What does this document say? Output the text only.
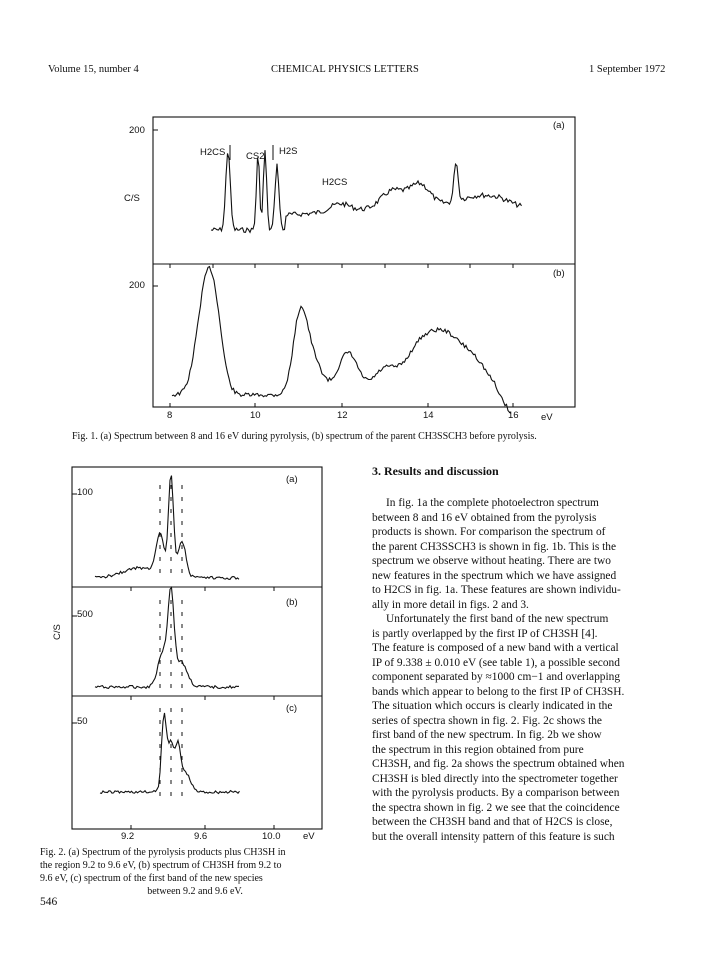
Volume 15, number 4	CHEMICAL PHYSICS LETTERS	1 September 1972
200
200
C/S
(a)
(b)
H2CS CS2 H2S
H2CS
8	10	12	14	16 eV
Fig. 1. (a) Spectrum between 8 and 16 eV during pyrolysis, (b) spectrum of the parent CH3SSCH3 before pyrolysis.
100
500
50
C/S
(a)
(b)
(c)
9.2	9.6	10.0 eV
Fig. 2. (a) Spectrum of the pyrolysis products plus CH3SH in
the region 9.2 to 9.6 eV, (b) spectrum of CH3SH from 9.2 to
9.6 eV, (c) spectrum of the first band of the new species
between 9.2 and 9.6 eV.
3. Results and discussion

In fig. 1a the complete photoelectron spectrum

between 8 and 16 eV obtained from the pyrolysis

products is shown. For comparison the spectrum of

the parent CH3SSCH3 is shown in fig. 1b. This is the

spectrum we observe without heating. There are two

new features in the spectrum which we have assigned

to H2CS in fig. 1a. These features are shown individu-

ally in more detail in figs. 2 and 3.

Unfortunately the first band of the new spectrum

is partly overlapped by the first IP of CH3SH [4].

The feature is composed of a new band with a vertical

IP of 9.338 ± 0.010 eV (see table 1), a possible second

component separated by ≈1000 cm−1 and overlapping

bands which appear to belong to the first IP of CH3SH.

The situation which occurs is clearly indicated in the

series of spectra shown in fig. 2. Fig. 2c shows the

first band of the new spectrum. In fig. 2b we show

the spectrum in this region obtained from pure

CH3SH, and fig. 2a shows the spectrum obtained when

CH3SH is bled directly into the spectrometer together

with the pyrolysis products. By a comparison between

the spectra shown in fig. 2 we see that the coincidence

between the CH3SH band and that of H2CS is close,

but the overall intensity pattern of this feature is such

546
